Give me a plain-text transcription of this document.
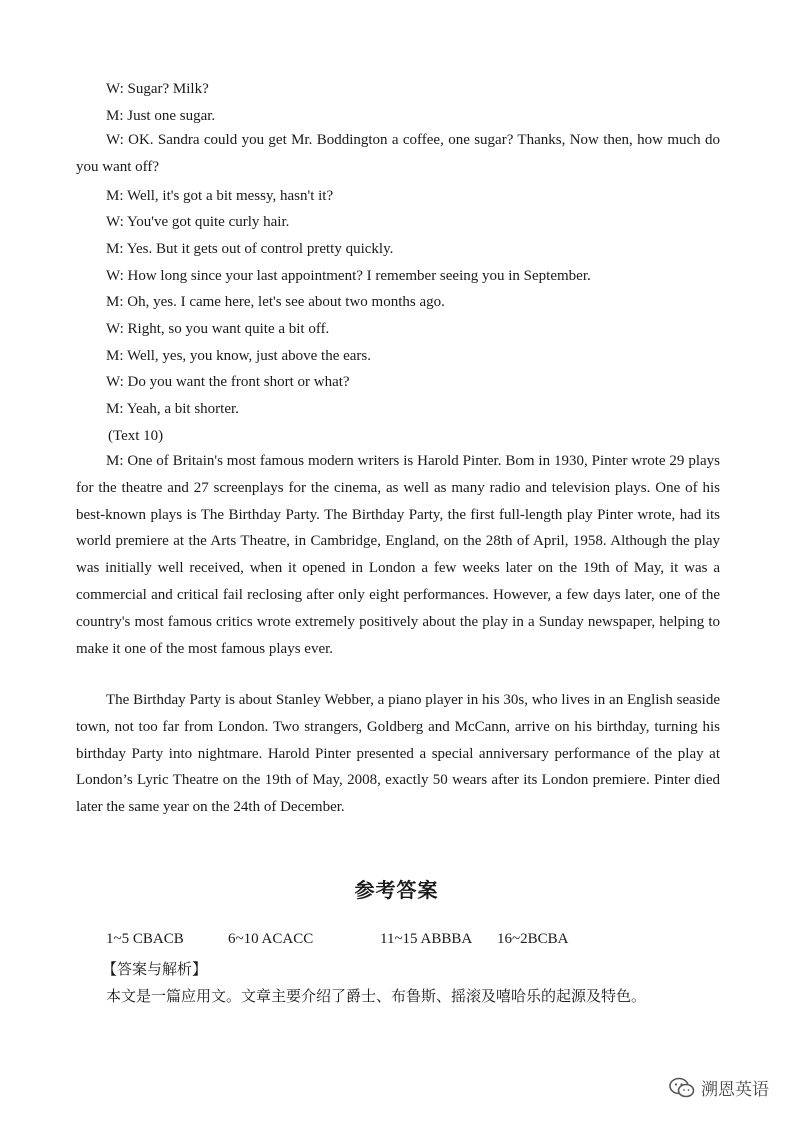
W: Sugar? Milk?
M: Just one sugar.
W: OK. Sandra could you get Mr. Boddington a coffee, one sugar? Thanks, Now then, how much do you want off?
M: Well, it's got a bit messy, hasn't it?
W: You've got quite curly hair.
M: Yes. But it gets out of control pretty quickly.
W: How long since your last appointment? I remember seeing you in September.
M: Oh, yes. I came here, let's see about two months ago.
W: Right, so you want quite a bit off.
M: Well, yes, you know, just above the ears.
W: Do you want the front short or what?
M: Yeah, a bit shorter.
(Text 10)
M: One of Britain's most famous modern writers is Harold Pinter. Bom in 1930, Pinter wrote 29 plays for the theatre and 27 screenplays for the cinema, as well as many radio and television plays. One of his best-known plays is The Birthday Party. The Birthday Party, the first full-length play Pinter wrote, had its world premiere at the Arts Theatre, in Cambridge, England, on the 28th of April, 1958. Although the play was initially well received, when it opened in London a few weeks later on the 19th of May, it was a commercial and critical fail reclosing after only eight performances. However, a few days later, one of the country's most famous critics wrote extremely positively about the play in a Sunday newspaper, helping to make it one of the most famous plays ever.
The Birthday Party is about Stanley Webber, a piano player in his 30s, who lives in an English seaside town, not too far from London. Two strangers, Goldberg and McCann, arrive on his birthday, turning his birthday Party into nightmare. Harold Pinter presented a special anniversary performance of the play at London’s Lyric Theatre on the 19th of May, 2008, exactly 50 wears after its London premiere. Pinter died later the same year on the 24th of December.
参考答案
1~5 CBACB	6~10 ACACC	11~15 ABBBA 16~2BCBA
【答案与解析】
本文是一篇应用文。文章主要介绍了爵士、布鲁斯、摇滚及嘻哈乐的起源及特色。
溯恩英语
